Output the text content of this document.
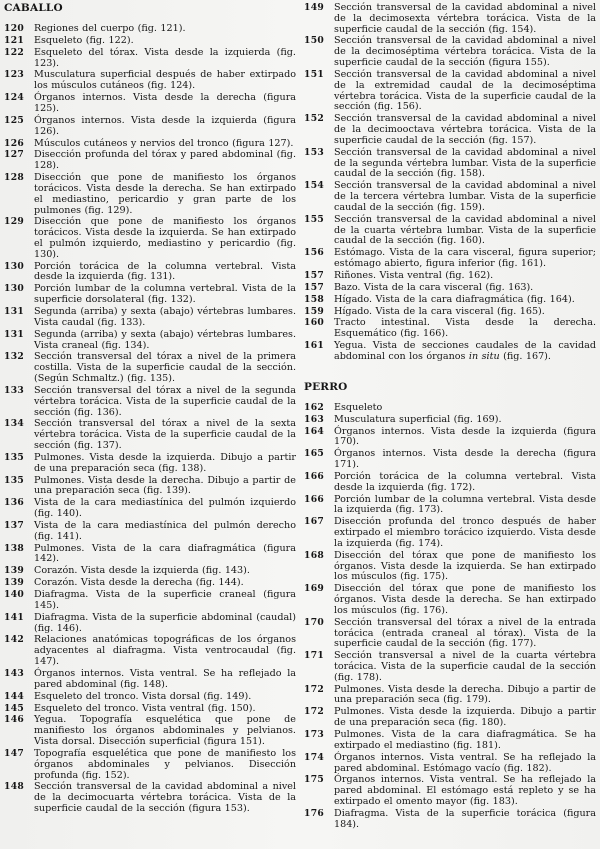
CABALLO
120	Regiones del cuerpo (fig. 121).
121	Esqueleto (fig. 122).
122	Esqueleto del tórax. Vista desde la izquierda (fig. 123).
123	Musculatura superficial después de haber extirpado los músculos cutáneos (fig. 124).
124	Órganos internos. Vista desde la derecha (figura 125).
125	Órganos internos. Vista desde la izquierda (figura 126).
126	Músculos cutáneos y nervios del tronco (figura 127).
127	Disección profunda del tórax y pared abdominal (fig. 128).
128	Disección que pone de manifiesto los órganos torácicos. Vista desde la derecha. Se han extirpado el mediastino, pericardio y gran parte de los pulmones (fig. 129).
129	Disección que pone de manifiesto los órganos torácicos. Vista desde la izquierda. Se han extirpado el pulmón izquierdo, mediastino y pericardio (fig. 130).
130	Porción torácica de la columna vertebral. Vista desde la izquierda (fig. 131).
130	Porción lumbar de la columna vertebral. Vista de la superficie dorsolateral (fig. 132).
131	Segunda (arriba) y sexta (abajo) vértebras lumbares. Vista caudal (fig. 133).
131	Segunda (arriba) y sexta (abajo) vértebras lumbares. Vista craneal (fig. 134).
132	Sección transversal del tórax a nivel de la primera costilla. Vista de la superficie caudal de la sección. (Según Schmaltz.) (fig. 135).
133	Sección transversal del tórax a nivel de la segunda vértebra torácica. Vista de la superficie caudal de la sección (fig. 136).
134	Sección transversal del tórax a nivel de la sexta vértebra torácica. Vista de la superficie caudal de la sección (fig. 137).
135	Pulmones. Vista desde la izquierda. Dibujo a partir de una preparación seca (fig. 138).
135	Pulmones. Vista desde la derecha. Dibujo a partir de una preparación seca (fig. 139).
136	Vista de la cara mediastínica del pulmón izquierdo (fig. 140).
137	Vista de la cara mediastínica del pulmón derecho (fig. 141).
138	Pulmones. Vista de la cara diafragmática (figura 142).
139	Corazón. Vista desde la izquierda (fig. 143).
139	Corazón. Vista desde la derecha (fig. 144).
140	Diafragma. Vista de la superficie craneal (figura 145).
141	Diafragma. Vista de la superficie abdominal (caudal) (fig. 146).
142	Relaciones anatómicas topográficas de los órganos adyacentes al diafragma. Vista ventrocaudal (fig. 147).
143	Órganos internos. Vista ventral. Se ha reflejado la pared abdominal (fig. 148).
144	Esqueleto del tronco. Vista dorsal (fig. 149).
145	Esqueleto del tronco. Vista ventral (fig. 150).
146	Yegua. Topografía esquelética que pone de manifiesto los órganos abdominales y pelvianos. Vista dorsal. Disección superficial (figura 151).
147	Topografía esquelética que pone de manifiesto los órganos abdominales y pelvianos. Disección profunda (fig. 152).
148	Sección transversal de la cavidad abdominal a nivel de la decimocuarta vértebra torácica. Vista de la superficie caudal de la sección (figura 153).
149	Sección transversal de la cavidad abdominal a nivel de la decimosexta vértebra torácica. Vista de la superficie caudal de la sección (fig. 154).
150	Sección transversal de la cavidad abdominal a nivel de la decimoséptima vértebra torácica. Vista de la superficie caudal de la sección (figura 155).
151	Sección transversal de la cavidad abdominal a nivel de la extremidad caudal de la decimoséptima vértebra torácica. Vista de la superficie caudal de la sección (fig. 156).
152	Sección transversal de la cavidad abdominal a nivel de la decimooctava vértebra torácica. Vista de la superficie caudal de la sección (fig. 157).
153	Sección transversal de la cavidad abdominal a nivel de la segunda vértebra lumbar. Vista de la superficie caudal de la sección (fig. 158).
154	Sección transversal de la cavidad abdominal a nivel de la tercera vértebra lumbar. Vista de la superficie caudal de la sección (fig. 159).
155	Sección transversal de la cavidad abdominal a nivel de la cuarta vértebra lumbar. Vista de la superficie caudal de la sección (fig. 160).
156	Estómago. Vista de la cara visceral, figura superior; estómago abierto, figura inferior (fig. 161).
157	Riñones. Vista ventral (fig. 162).
157	Bazo. Vista de la cara visceral (fig. 163).
158	Hígado. Vista de la cara diafragmática (fig. 164).
159	Hígado. Vista de la cara visceral (fig. 165).
160	Tracto intestinal. Vista desde la derecha. Esquemático (fig. 166).
161	Yegua. Vista de secciones caudales de la cavidad abdominal con los órganos in situ (fig. 167).
PERRO
162	Esqueleto
163	Musculatura superficial (fig. 169).
164	Órganos internos. Vista desde la izquierda (figura 170).
165	Órganos internos. Vista desde la derecha (figura 171).
166	Porción torácica de la columna vertebral. Vista desde la izquierda (fig. 172).
166	Porción lumbar de la columna vertebral. Vista desde la izquierda (fig. 173).
167	Disección profunda del tronco después de haber extirpado el miembro torácico izquierdo. Vista desde la izquierda (fig. 174).
168	Disección del tórax que pone de manifiesto los órganos. Vista desde la izquierda. Se han extirpado los músculos (fig. 175).
169	Disección del tórax que pone de manifiesto los órganos. Vista desde la derecha. Se han extirpado los músculos (fig. 176).
170	Sección transversal del tórax a nivel de la entrada torácica (entrada craneal al tórax). Vista de la superficie caudal de la sección (fig. 177).
171	Sección transversal a nivel de la cuarta vértebra torácica. Vista de la superficie caudal de la sección (fig. 178).
172	Pulmones. Vista desde la derecha. Dibujo a partir de una preparación seca (fig. 179).
172	Pulmones. Vista desde la izquierda. Dibujo a partir de una preparación seca (fig. 180).
173	Pulmones. Vista de la cara diafragmática. Se ha extirpado el mediastino (fig. 181).
174	Órganos internos. Vista ventral. Se ha reflejado la pared abdominal. Estómago vacío (fig. 182).
175	Órganos internos. Vista ventral. Se ha reflejado la pared abdominal. El estómago está repleto y se ha extirpado el omento mayor (fig. 183).
176	Diafragma. Vista de la superficie torácica (figura 184).
